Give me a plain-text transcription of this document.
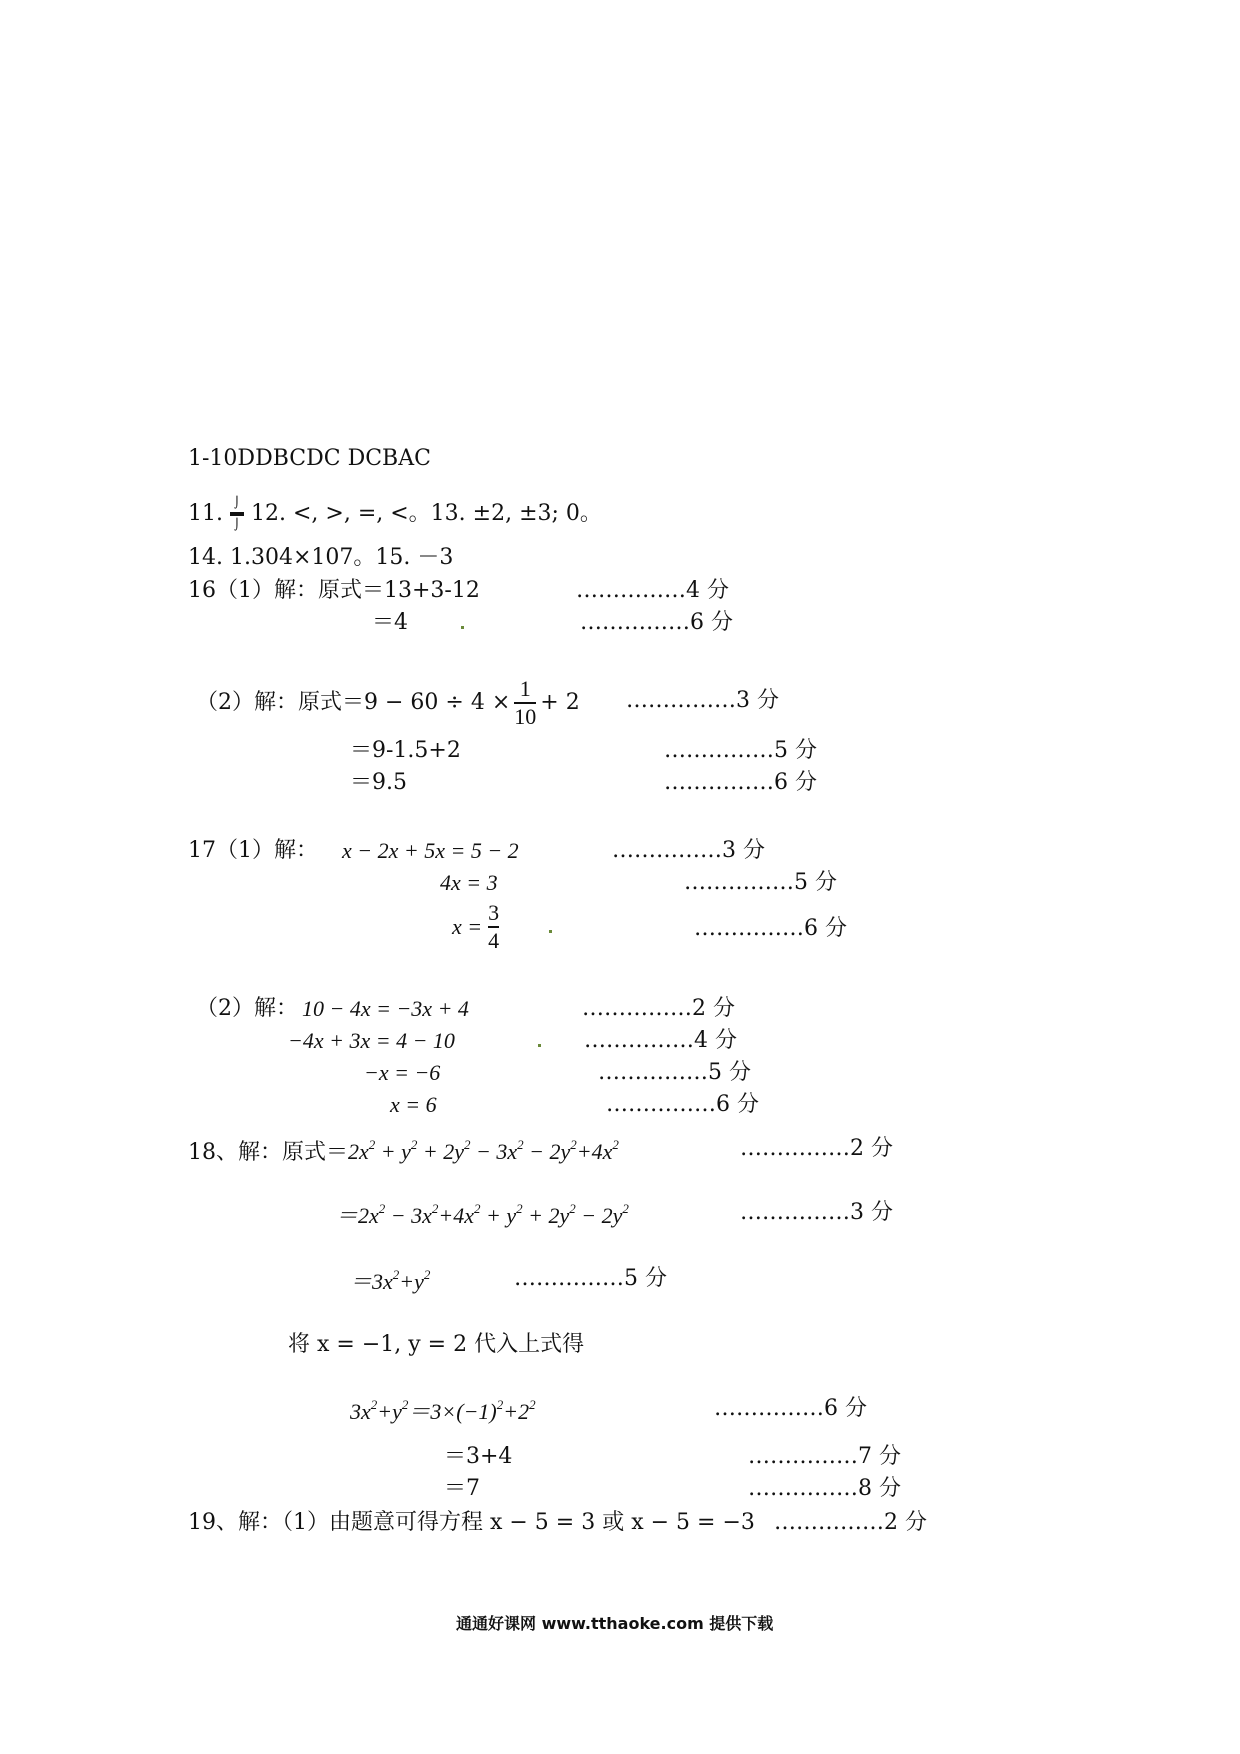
1-10DDBCDC DCBAC
11. ⌡
⌡ 12. <, >, =, <。13. ±2, ±3; 0。
14. 1.304×107。15. －3
16（1）解：原式＝13+3-12	……………4 分
＝4	……………6 分
（2）解：原式$=9 - 60 \div 4 \times \frac{1}{10} + 2$ ……………3 分
＝9-1.5+2	……………5 分
＝9.5	……………6 分
17（1）解： x − 2x + 5x = 5 − 2	……………3 分
4x = 3	……………5 分
$x = \frac{3}{4}$	……………6 分
（2）解： 10 − 4x = −3x + 4	……………2 分
−4x + 3x = 4 − 10	……………4 分
−x = −6	……………5 分
x = 6	……………6 分
18、解：原式$=2x^2 + y^2 + 2y^2 - 3x^2 - 2y^2+4x^2$	……………2 分
$=2x^2 - 3x^2+4x^2 + y^2 + 2y^2 - 2y^2$	……………3 分
$=3x^2+y^2$	……………5 分
将 x = −1, y = 2 代入上式得
$3x^2+y^2=3\times(-1)^2+2^2$	……………6 分
＝3+4	……………7 分
＝7	……………8 分
19、解：（1）由题意可得方程 x − 5 = 3 或 x − 5 = −3 ……………2 分
通通好课网 www.tthaoke.com 提供下载
